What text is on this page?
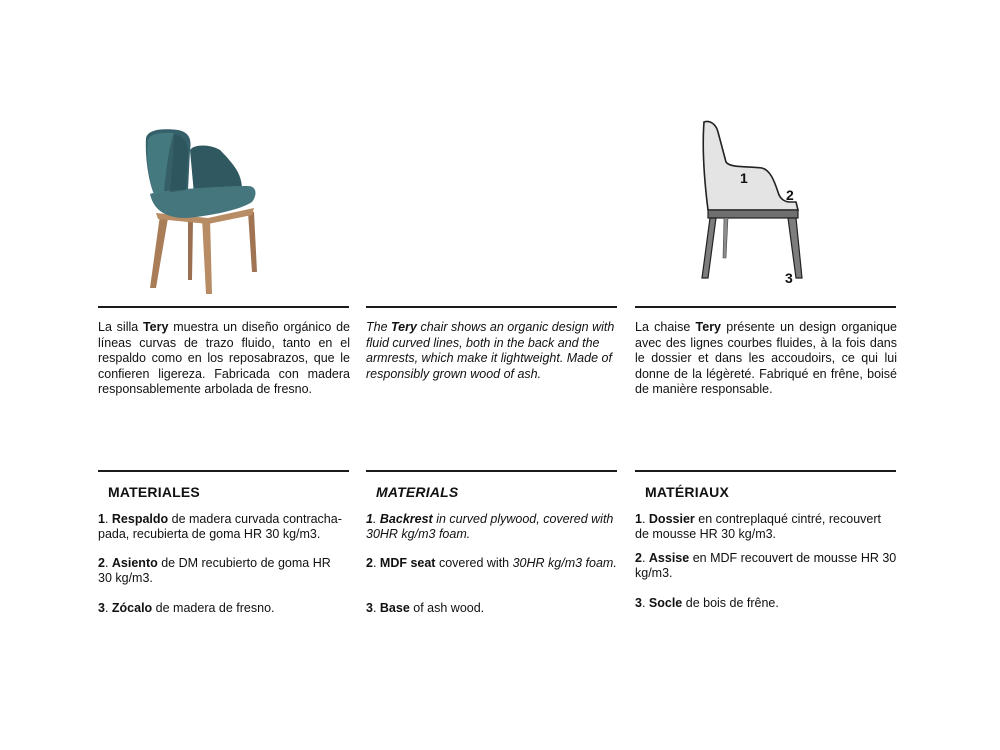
1
2
3
La silla Tery muestra un diseño orgánico de líneas curvas de trazo fluido, tanto en el respaldo como en los reposabrazos, que le confieren ligereza. Fabricada con madera responsablemente arbolada de fresno.
The Tery chair shows an organic design with fluid curved lines, both in the back and the armrests, which make it lightweight. Made of responsibly grown wood of ash.
La chaise Tery présente un design organique avec des lignes courbes fluides, à la fois dans le dossier et dans les accoudoirs, ce qui lui donne de la légèreté. Fabriqué en frêne, boisé de manière responsable.
MATERIALES	MATERIALS	MATÉRIAUX
1. Respaldo de madera curvada contracha-pada, recubierta de goma HR 30 kg/m3.
2. Asiento de DM recubierto de goma HR 30 kg/m3.
3. Zócalo de madera de fresno.
1. Backrest in curved plywood, covered with 30HR kg/m3 foam.
2. MDF seat covered with 30HR kg/m3 foam.
3. Base of ash wood.
1. Dossier en contreplaqué cintré, recouvert de mousse HR 30 kg/m3.
2. Assise en MDF recouvert de mousse HR 30 kg/m3.
3. Socle de bois de frêne.
